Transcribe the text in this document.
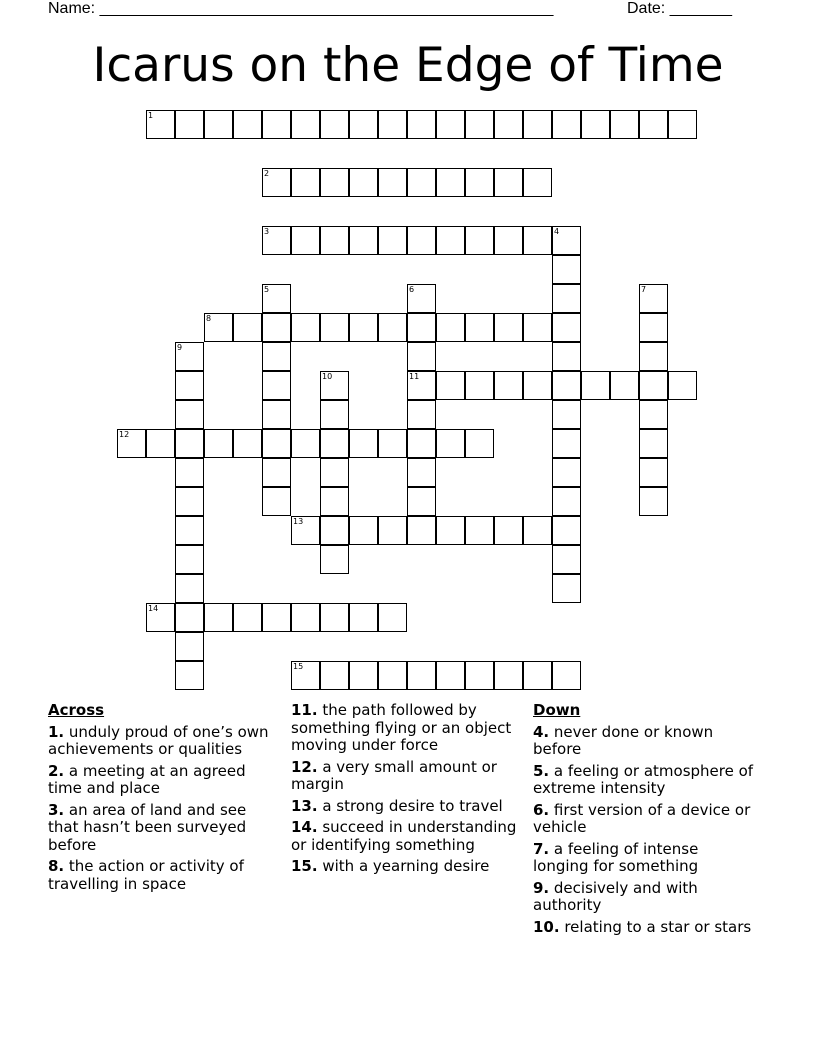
Name: ___________________________________________________	Date: _______
Icarus on the Edge of Time
1
2
3	4
5	6	7
8
9
10	11
12
13
14
15
Across
1. unduly proud of one’s own achievements or qualities
2. a meeting at an agreed time and place
3. an area of land and see that hasn’t been surveyed before
8. the action or activity of travelling in space
11. the path followed by something flying or an object moving under force
12. a very small amount or margin
13. a strong desire to travel
14. succeed in understanding or identifying something
15. with a yearning desire
Down
4. never done or known before
5. a feeling or atmosphere of extreme intensity
6. first version of a device or vehicle
7. a feeling of intense longing for something
9. decisively and with authority
10. relating to a star or stars
